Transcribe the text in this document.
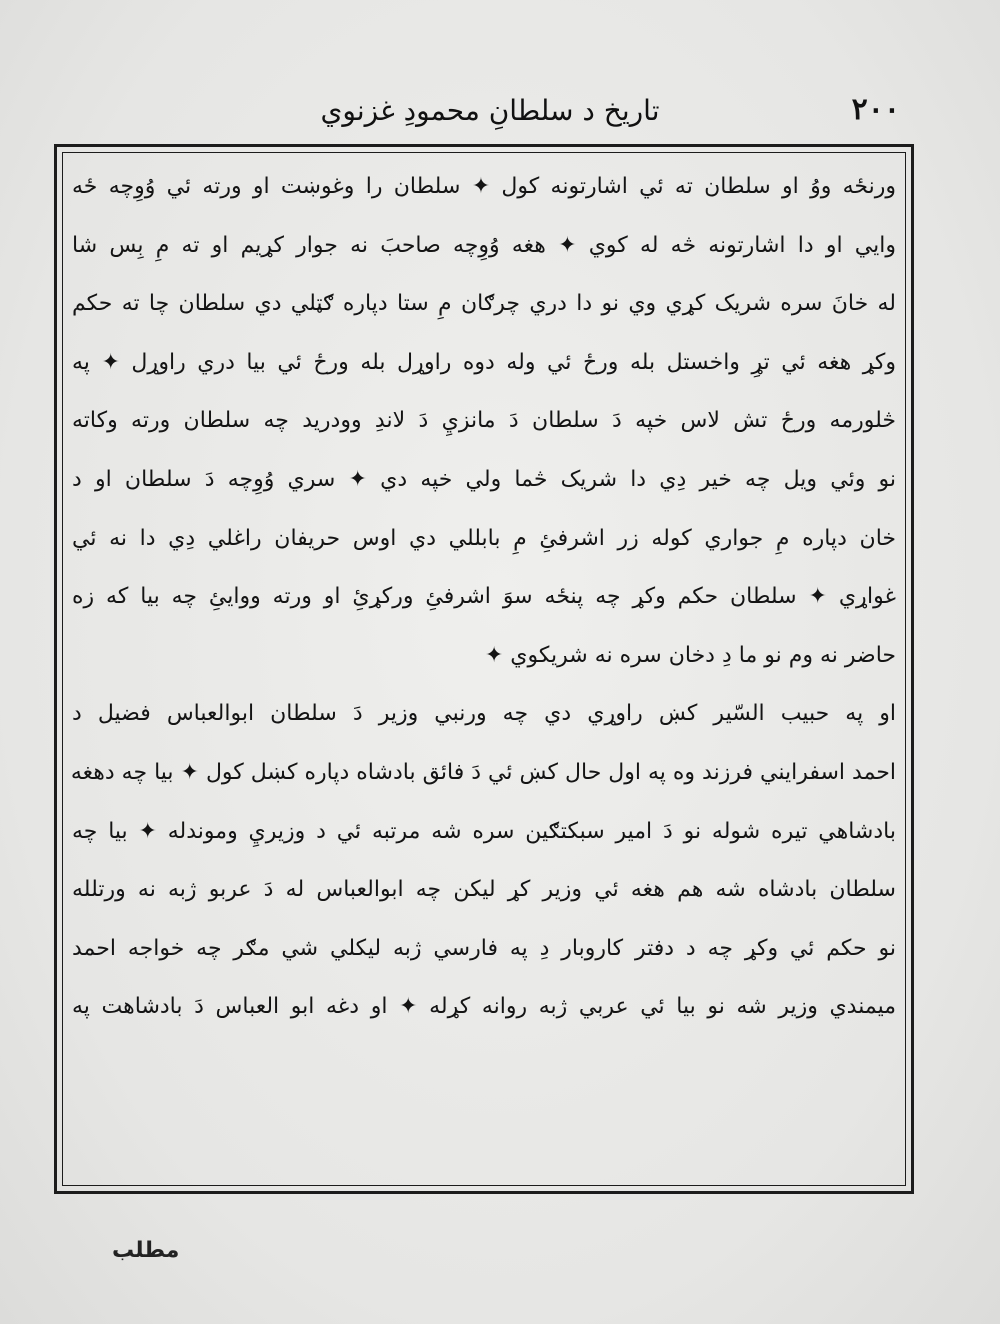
۲۰۰
تاريخ د سلطانِ محمودِ غزنوي
ورنځه ووُ او سلطان ته ئي اشارتونه کول ✦ سلطان را وغوښت او ورته ئي وُوِچه ځه
وايي او دا اشارتونه څه له کوي ✦ هغه وُوِچه صاحبَ نه جوار کړيم او ته مِ بِس شا
له خانَ سره شريک کړي وي نو دا دري چرګان مِ ستا دپاره ګټلي دي سلطان چا ته حکم
وکړ هغه ئي تړِ واخستل بله ورځ ئي وله دوه راوړل بله ورځ ئي بيا دري راوړل ✦ په
څلورمه ورځ تش لاس خپه دَ سلطان دَ مانزيِ دَ لاندِ وودريد چه سلطان ورته وکاته
نو وئي ويل چه خير دِي دا شريک څما ولي خپه دي ✦ سري وُوِچه دَ سلطان او د
خان دپاره مِ جواري کوله زر اشرفئِ مِ بابللي دي اوس حريفان راغلي دِي دا نه ئي
غواړي ✦ سلطان حکم وکړ چه پنځه سوَ اشرفئِ ورکړئِ او ورته ووايئِ چه بيا که زه
حاضر نه وم نو ما دِ دخان سره نه شريکوي ✦
او په حبيب السّير کښ راوړي دي چه ورنبي وزير دَ سلطان ابوالعباس فضيل د
احمد اسفرايني فرزند وه په اول حال کښ ئي دَ فائق بادشاه دپاره کښل کول ✦ بيا چه دهغه
بادشاهي تيره شوله نو دَ امير سبکتګين سره شه مرتبه ئي د وزيريِ وموندله ✦ بيا چه
سلطان بادشاه شه هم هغه ئي وزير کړ ليکن چه ابوالعباس له دَ عربو ژبه نه ورتلله
نو حکم ئي وکړ چه د دفتر کاروبار دِ په فارسي ژبه ليکلي شي مګر چه خواجه احمد
ميمندي وزير شه نو بيا ئي عربي ژبه روانه کړله ✦ او دغه ابو العباس دَ بادشاهت په
مطلب
